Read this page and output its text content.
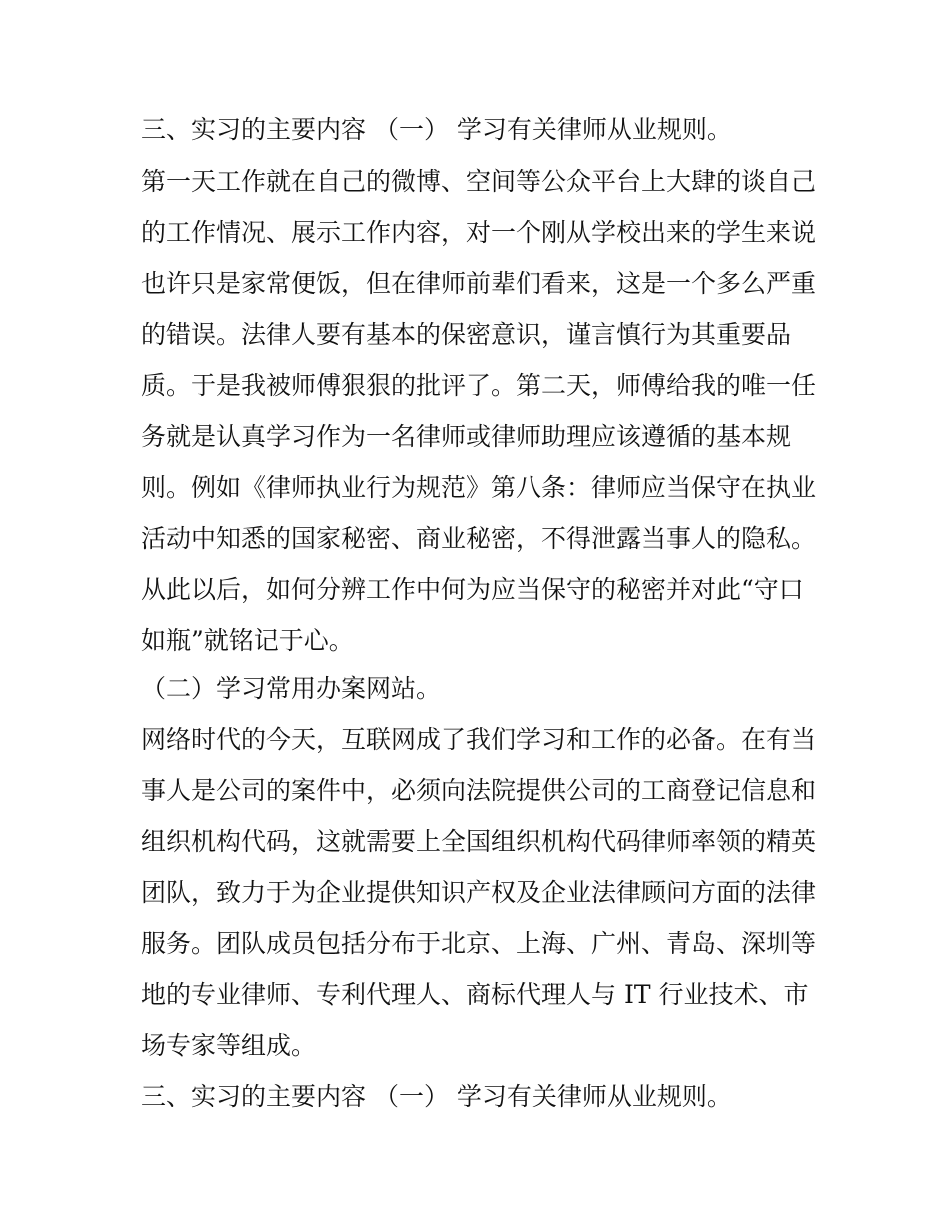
三、实习的主要内容 （一） 学习有关律师从业规则。
第一天工作就在自己的微博、空间等公众平台上大肆的谈自己
的工作情况、展示工作内容，对一个刚从学校出来的学生来说
也许只是家常便饭，但在律师前辈们看来，这是一个多么严重
的错误。法律人要有基本的保密意识，谨言慎行为其重要品
质。于是我被师傅狠狠的批评了。第二天，师傅给我的唯一任
务就是认真学习作为一名律师或律师助理应该遵循的基本规
则。例如《律师执业行为规范》第八条：律师应当保守在执业
活动中知悉的国家秘密、商业秘密，不得泄露当事人的隐私。
从此以后，如何分辨工作中何为应当保守的秘密并对此“守口
如瓶”就铭记于心。
（二）学习常用办案网站。
网络时代的今天，互联网成了我们学习和工作的必备。在有当
事人是公司的案件中，必须向法院提供公司的工商登记信息和
组织机构代码，这就需要上全国组织机构代码律师率领的精英
团队，致力于为企业提供知识产权及企业法律顾问方面的法律
服务。团队成员包括分布于北京、上海、广州、青岛、深圳等
地的专业律师、专利代理人、商标代理人与 IT 行业技术、市
场专家等组成。
三、实习的主要内容 （一） 学习有关律师从业规则。
